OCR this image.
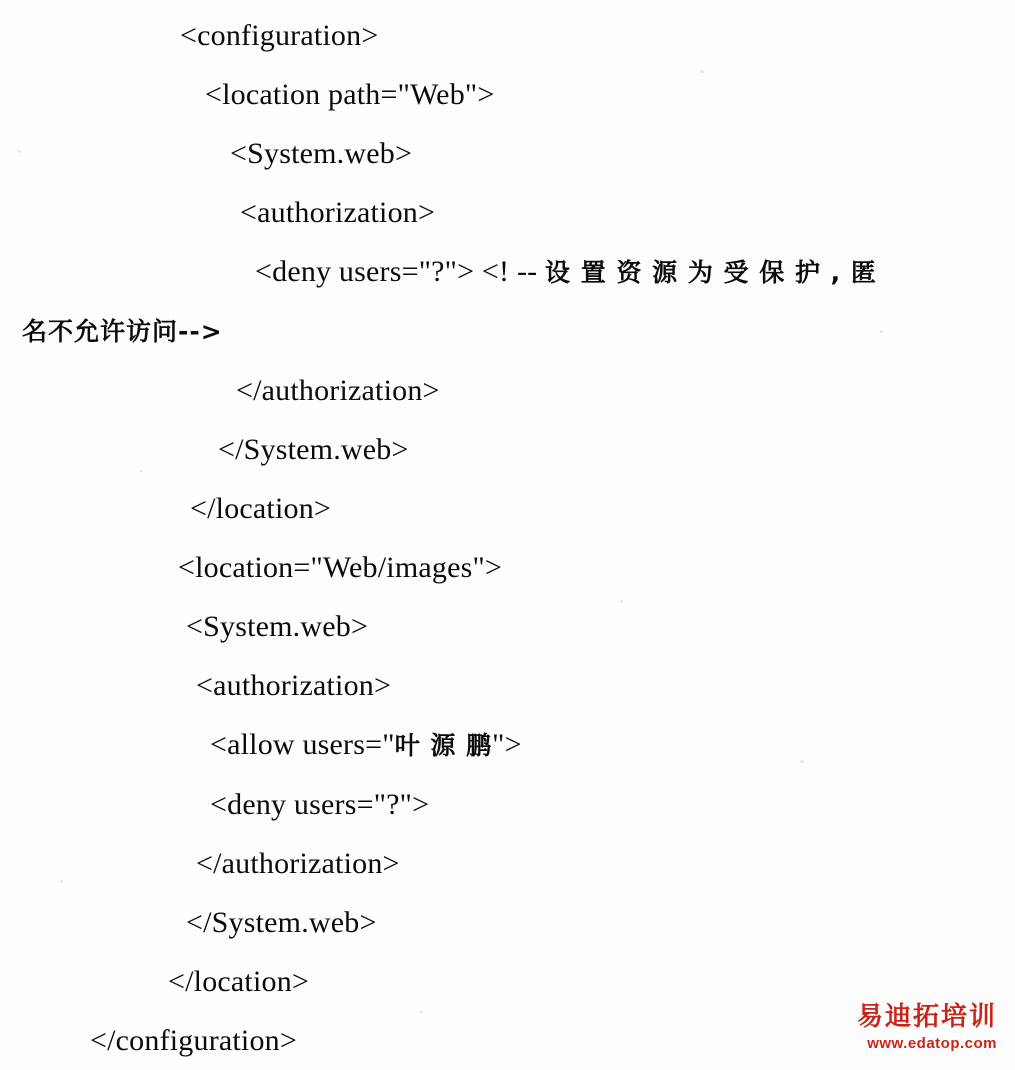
<configuration>
<location path="Web">
<System.web>
<authorization>
<deny users="?"> <! -- 设 置 资 源 为 受 保 护 , 匿
名不允许访问-->
</authorization>
</System.web>
</location>
<location="Web/images">
<System.web>
<authorization>
<allow users="叶 源 鹏">
<deny users="?">
</authorization>
</System.web>
</location>
</configuration>
易迪拓培训
www.edatop.com
